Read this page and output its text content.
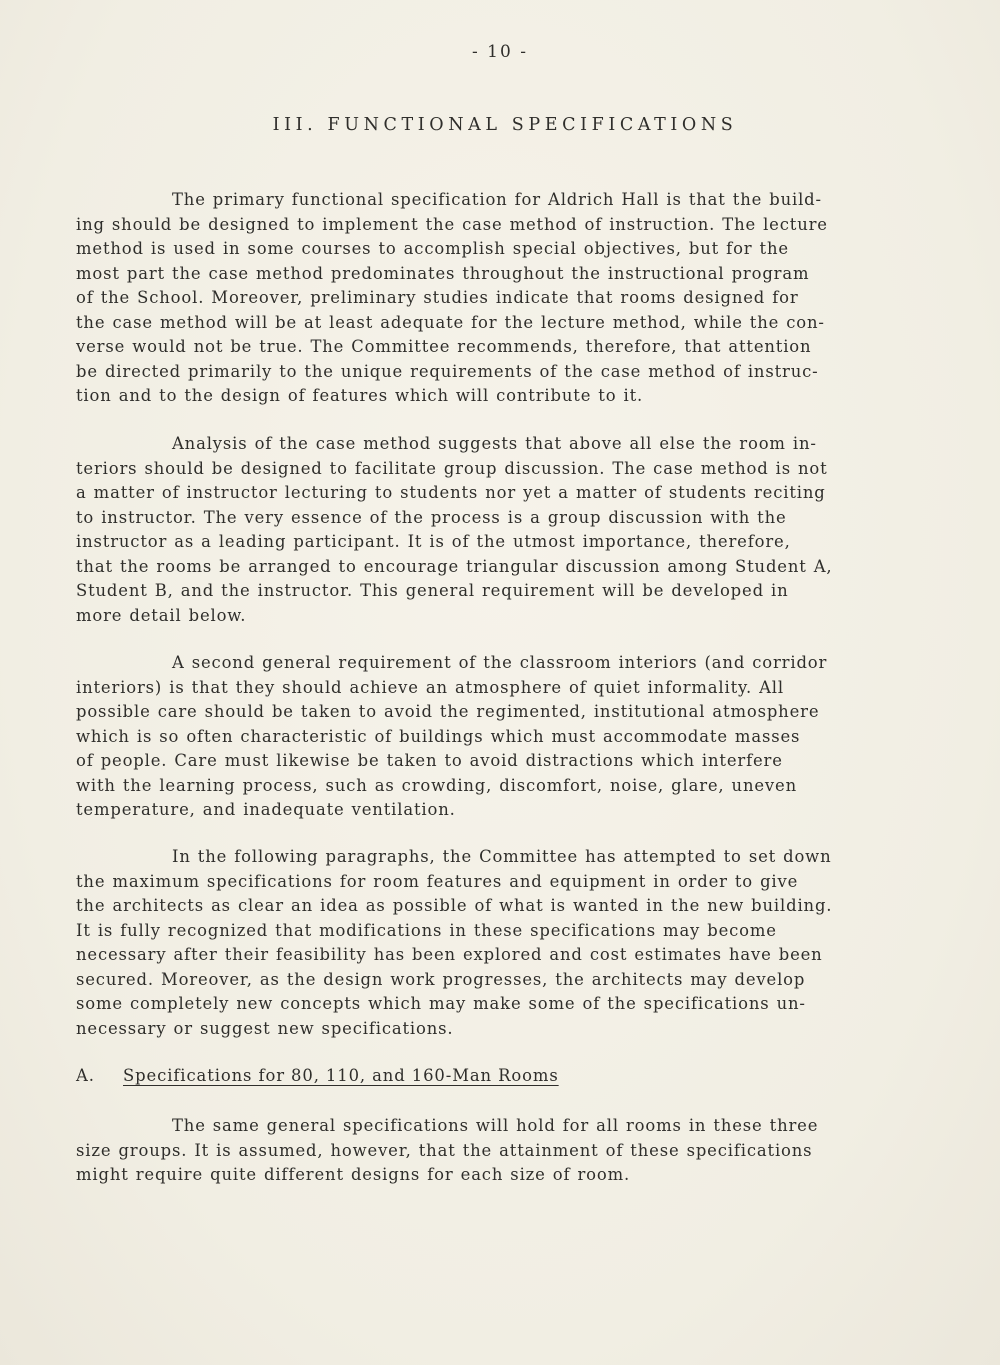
- 10 -
III. FUNCTIONAL SPECIFICATIONS
The primary functional specification for Aldrich Hall is that the build-
ing should be designed to implement the case method of instruction. The lecture
method is used in some courses to accomplish special objectives, but for the
most part the case method predominates throughout the instructional program
of the School. Moreover, preliminary studies indicate that rooms designed for
the case method will be at least adequate for the lecture method, while the con-
verse would not be true. The Committee recommends, therefore, that attention
be directed primarily to the unique requirements of the case method of instruc-
tion and to the design of features which will contribute to it.
Analysis of the case method suggests that above all else the room in-
teriors should be designed to facilitate group discussion. The case method is not
a matter of instructor lecturing to students nor yet a matter of students reciting
to instructor. The very essence of the process is a group discussion with the
instructor as a leading participant. It is of the utmost importance, therefore,
that the rooms be arranged to encourage triangular discussion among Student A,
Student B, and the instructor. This general requirement will be developed in
more detail below.
A second general requirement of the classroom interiors (and corridor
interiors) is that they should achieve an atmosphere of quiet informality. All
possible care should be taken to avoid the regimented, institutional atmosphere
which is so often characteristic of buildings which must accommodate masses
of people. Care must likewise be taken to avoid distractions which interfere
with the learning process, such as crowding, discomfort, noise, glare, uneven
temperature, and inadequate ventilation.
In the following paragraphs, the Committee has attempted to set down
the maximum specifications for room features and equipment in order to give
the architects as clear an idea as possible of what is wanted in the new building.
It is fully recognized that modifications in these specifications may become
necessary after their feasibility has been explored and cost estimates have been
secured. Moreover, as the design work progresses, the architects may develop
some completely new concepts which may make some of the specifications un-
necessary or suggest new specifications.
A. Specifications for 80, 110, and 160-Man Rooms
The same general specifications will hold for all rooms in these three
size groups. It is assumed, however, that the attainment of these specifications
might require quite different designs for each size of room.
